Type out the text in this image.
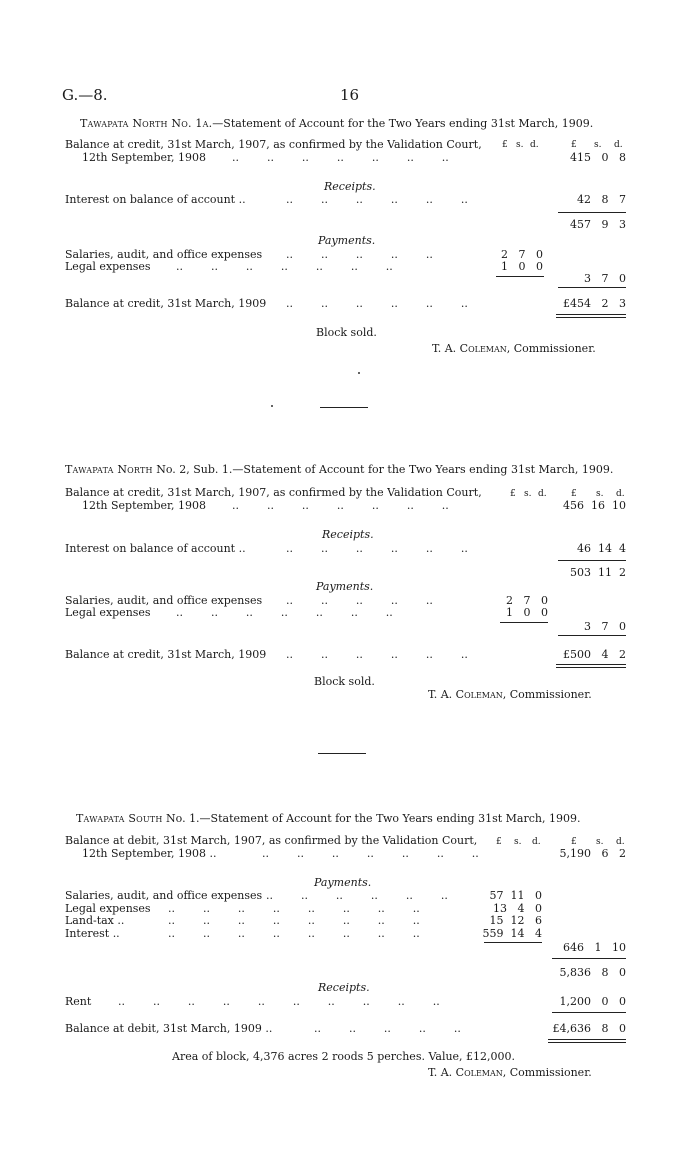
G.—8.	16
Tawapata North No. 1a.—Statement of Account for the Two Years ending 31st March, 1909.
Balance at credit, 31st March, 1907, as confirmed by the Validation Court, £ s. d.	£ s. d.
12th September, 1908 ..        ..        ..        ..        ..        ..        ..	415 0 8
Receipts.
Interest on balance of account ..	..        ..        ..        ..        ..        ..	42 8 7
457 9 3
Payments.
Salaries, audit, and office expenses ..        ..        ..        ..        ..	2 7 0
Legal expenses ..        ..        ..        ..        ..        ..        ..	1 0 0
3 7 0
Balance at credit, 31st March, 1909 ..        ..        ..        ..        ..        ..	£454 2 3
Block sold.
T. A. Coleman, Commissioner.
Tawapata North No. 2, Sub. 1.—Statement of Account for the Two Years ending 31st March, 1909.
Balance at credit, 31st March, 1907, as confirmed by the Validation Court,	£ s. d.	£ s. d.
12th September, 1908 ..        ..        ..        ..        ..        ..        ..	456 16 10
Receipts.
Interest on balance of account ..	..        ..        ..        ..        ..        ..	46 14 4
503 11 2
Payments.
Salaries, audit, and office expenses ..        ..        ..        ..        ..	2 7 0
Legal expenses ..        ..        ..        ..        ..        ..        ..	1 0 0
3 7 0
Balance at credit, 31st March, 1909 ..        ..        ..        ..        ..        ..	£500 4 2
Block sold.
T. A. Coleman, Commissioner.
Tawapata South No. 1.—Statement of Account for the Two Years ending 31st March, 1909.
Balance at debit, 31st March, 1907, as confirmed by the Validation Court, £ s. d.	£ s. d.
12th September, 1908 ..	..        ..        ..        ..        ..        ..        ..	5,190 6 2
Payments.
Salaries, audit, and office expenses ..        ..        ..        ..        ..        ..	57 11 0
Legal expenses ..        ..        ..        ..        ..        ..        ..        ..	13 4 0
Land-tax ..	..        ..        ..        ..        ..        ..        ..        ..	15 12 6
Interest ..	..        ..        ..        ..        ..        ..        ..        ..	559 14 4
646 1 10
5,836 8 0
Receipts.
Rent ..        ..        ..        ..        ..        ..        ..        ..        ..        ..	1,200 0 0
Balance at debit, 31st March, 1909 ..	..        ..        ..        ..        ..	£4,636 8 0
Area of block, 4,376 acres 2 roods 5 perches. Value, £12,000.
T. A. Coleman, Commissioner.
